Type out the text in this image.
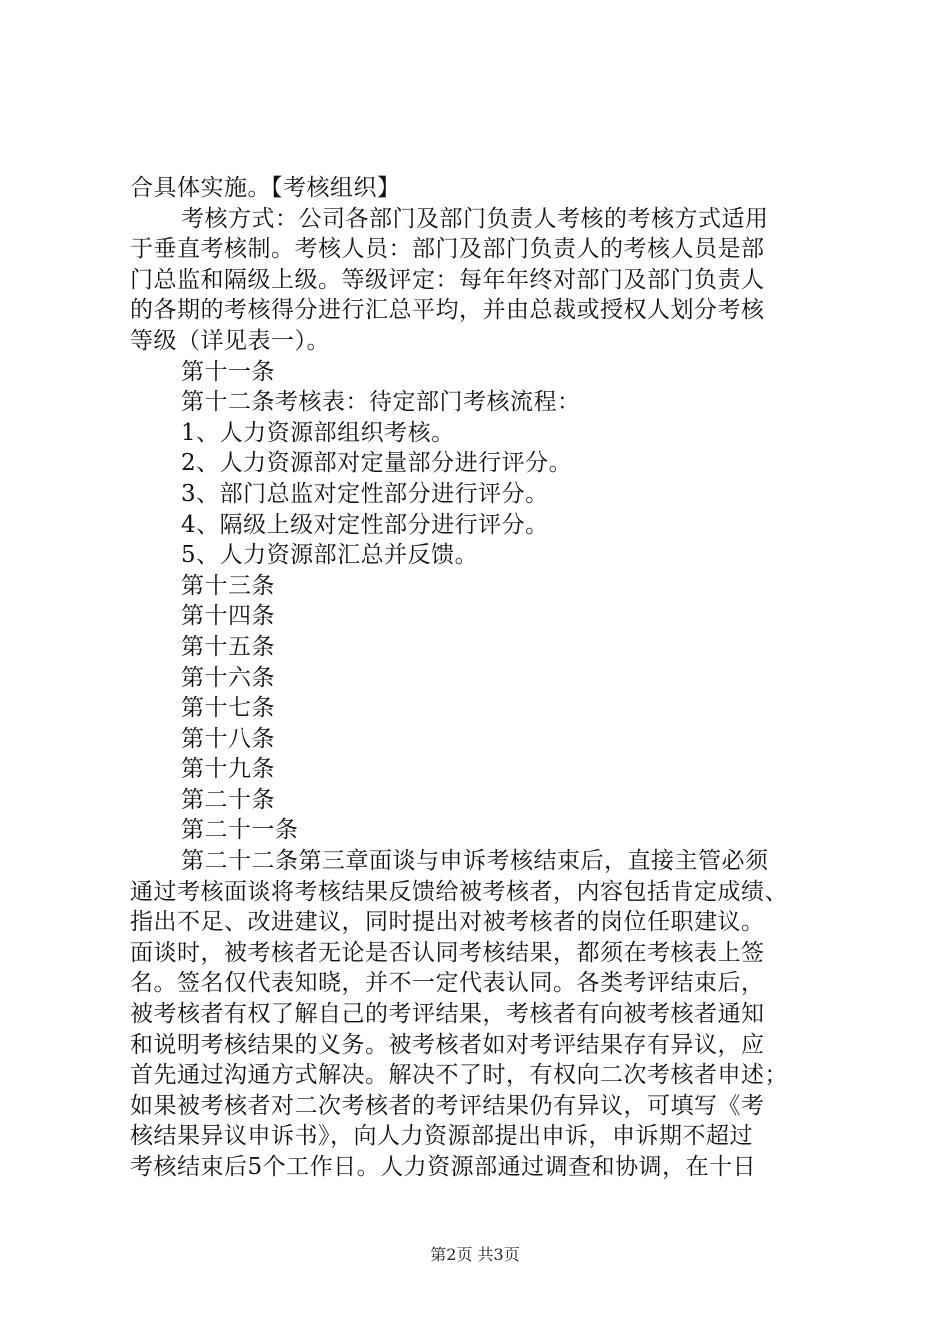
合具体实施。【考核组织】
考核方式：公司各部门及部门负责人考核的考核方式适用
于垂直考核制。考核人员：部门及部门负责人的考核人员是部
门总监和隔级上级。等级评定：每年年终对部门及部门负责人
的各期的考核得分进行汇总平均，并由总裁或授权人划分考核
等级（详见表一）。
第十一条
第十二条考核表：待定部门考核流程：
1、人力资源部组织考核。
2、人力资源部对定量部分进行评分。
3、部门总监对定性部分进行评分。
4、隔级上级对定性部分进行评分。
5、人力资源部汇总并反馈。
第十三条
第十四条
第十五条
第十六条
第十七条
第十八条
第十九条
第二十条
第二十一条
第二十二条第三章面谈与申诉考核结束后，直接主管必须
通过考核面谈将考核结果反馈给被考核者，内容包括肯定成绩、
指出不足、改进建议，同时提出对被考核者的岗位任职建议。
面谈时，被考核者无论是否认同考核结果，都须在考核表上签
名。签名仅代表知晓，并不一定代表认同。各类考评结束后，
被考核者有权了解自己的考评结果，考核者有向被考核者通知
和说明考核结果的义务。被考核者如对考评结果存有异议，应
首先通过沟通方式解决。解决不了时，有权向二次考核者申述；
如果被考核者对二次考核者的考评结果仍有异议，可填写《考
核结果异议申诉书》，向人力资源部提出申诉，申诉期不超过
考核结束后5个工作日。人力资源部通过调查和协调，在十日
第2页 共3页
